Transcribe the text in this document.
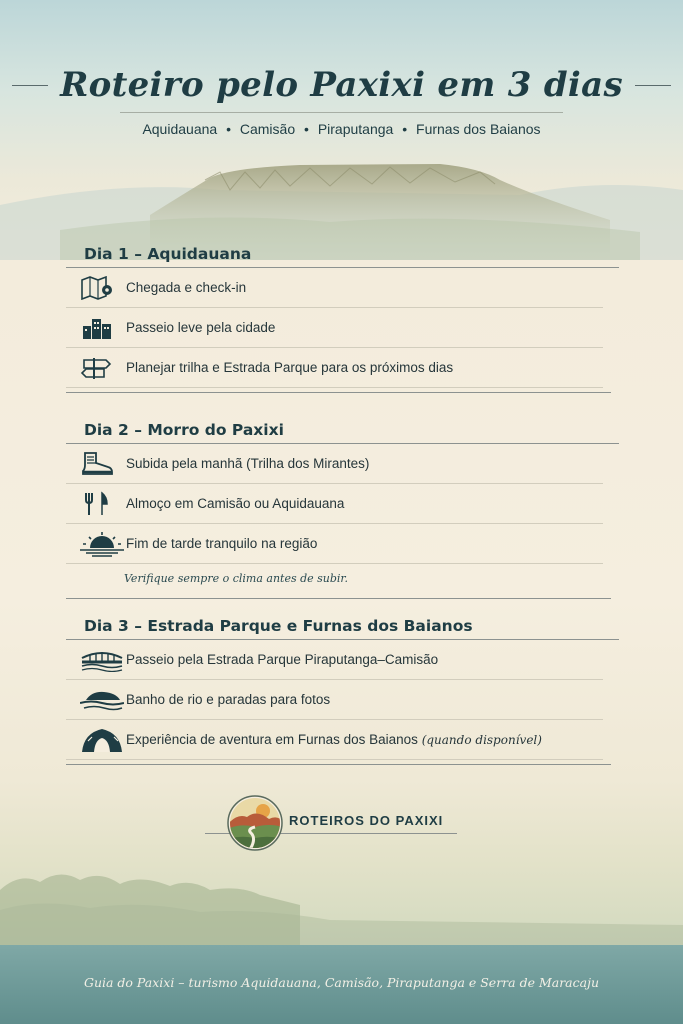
Roteiro pelo Paxixi em 3 dias
Aquidauana • Camisão • Piraputanga • Furnas dos Baianos
Dia 1 – Aquidauana
Chegada e check-in
Passeio leve pela cidade
Planejar trilha e Estrada Parque para os próximos dias
Dia 2 – Morro do Paxixi
Subida pela manhã (Trilha dos Mirantes)
Almoço em Camisão ou Aquidauana
Fim de tarde tranquilo na região
Verifique sempre o clima antes de subir.
Dia 3 – Estrada Parque e Furnas dos Baianos
Passeio pela Estrada Parque Piraputanga–Camisão
Banho de rio e paradas para fotos
Experiência de aventura em Furnas dos Baianos (quando disponível)
ROTEIROS DO PAXIXI
Guia do Paxixi – turismo Aquidauana, Camisão, Piraputanga e Serra de Maracaju
